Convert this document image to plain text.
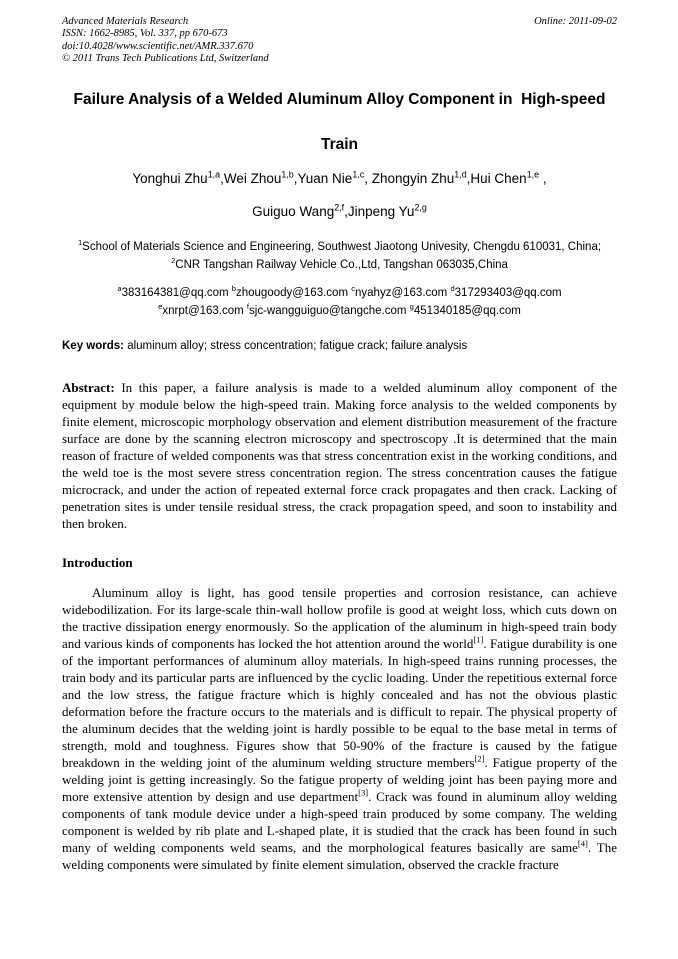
Advanced Materials Research	Online: 2011-09-02
ISSN: 1662-8985, Vol. 337, pp 670-673
doi:10.4028/www.scientific.net/AMR.337.670
© 2011 Trans Tech Publications Ltd, Switzerland
Failure Analysis of a Welded Aluminum Alloy Component in  High-speed
Train
Yonghui Zhu$^{1,a}$,Wei Zhou$^{1,b}$,Yuan Nie$^{1,c}$, Zhongyin Zhu$^{1,d}$,Hui Chen$^{1,e}$ ,
Guiguo Wang$^{2,f}$,Jinpeng Yu$^{2,g}$
$^1$School of Materials Science and Engineering, Southwest Jiaotong Univesity, Chengdu 610031, China; $^2$CNR Tangshan Railway Vehicle Co.,Ltd, Tangshan 063035,China
$^a$383164381@qq.com $^b$zhougoody@163.com $^c$nyahyz@163.com $^d$317293403@qq.com
$^e$xnrpt@163.com $^f$sjc-wangguiguo@tangche.com $^g$451340185@qq.com
Key words: aluminum alloy; stress concentration; fatigue crack; failure analysis

Abstract: In this paper, a failure analysis is made to a welded aluminum alloy component of the equipment by module below the high-speed train. Making force analysis to the welded components by finite element, microscopic morphology observation and element distribution measurement of the fracture surface are done by the scanning electron microscopy and spectroscopy .It is determined that the main reason of fracture of welded components was that stress concentration exist in the working conditions, and the weld toe is the most severe stress concentration region. The stress concentration causes the fatigue microcrack, and under the action of repeated external force crack propagates and then crack. Lacking of penetration sites is under tensile residual stress, the crack propagation speed, and soon to instability and then broken.

Introduction

Aluminum alloy is light, has good tensile properties and corrosion resistance, can achieve widebodilization. For its large-scale thin-wall hollow profile is good at weight loss, which cuts down on the tractive dissipation energy enormously. So the application of the aluminum in high-speed train body and various kinds of components has locked the hot attention around the world[1]. Fatigue durability is one of the important performances of aluminum alloy materials. In high-speed trains running processes, the train body and its particular parts are influenced by the cyclic loading. Under the repetitious external force and the low stress, the fatigue fracture which is highly concealed and has not the obvious plastic deformation before the fracture occurs to the materials and is difficult to repair. The physical property of the aluminum decides that the welding joint is hardly possible to be equal to the base metal in terms of strength, mold and toughness. Figures show that 50-90% of the fracture is caused by the fatigue breakdown in the welding joint of the aluminum welding structure members[2]. Fatigue property of the welding joint is getting increasingly. So the fatigue property of welding joint has been paying more and more extensive attention by design and use department[3]. Crack was found in aluminum alloy welding components of tank module device under a high-speed train produced by some company. The welding component is welded by rib plate and L-shaped plate, it is studied that the crack has been found in such many of welding components weld seams, and the morphological features basically are same[4]. The welding components were simulated by finite element simulation, observed the crackle fracture
